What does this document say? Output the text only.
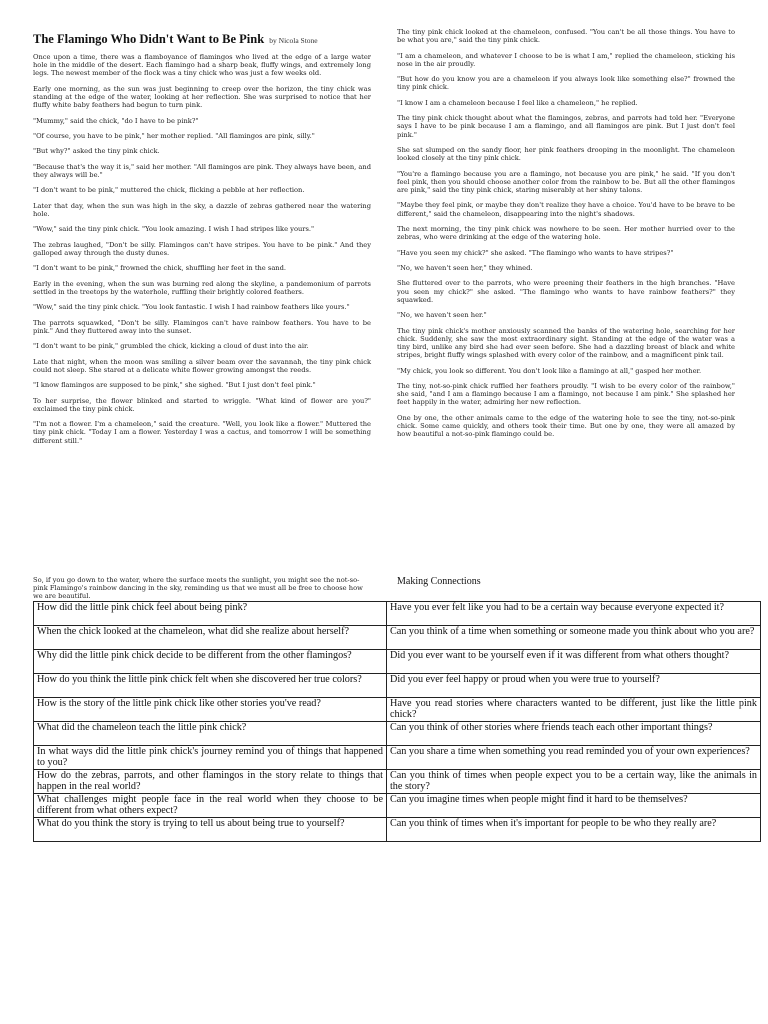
The Flamingo Who Didn't Want to Be Pink by Nicola Stone

Once upon a time, there was a flamboyance of flamingos who lived at the edge of a large water hole in the middle of the desert. Each flamingo had a sharp beak, fluffy wings, and extremely long legs. The newest member of the flock was a tiny chick who was just a few weeks old.

Early one morning, as the sun was just beginning to creep over the horizon, the tiny chick was standing at the edge of the water, looking at her reflection. She was surprised to notice that her fluffy white baby feathers had begun to turn pink.

"Mummy," said the chick, "do I have to be pink?"

"Of course, you have to be pink," her mother replied. "All flamingos are pink, silly."

"But why?" asked the tiny pink chick.

"Because that's the way it is," said her mother. "All flamingos are pink. They always have been, and they always will be."

"I don't want to be pink," muttered the chick, flicking a pebble at her reflection.

Later that day, when the sun was high in the sky, a dazzle of zebras gathered near the watering hole.

"Wow," said the tiny pink chick. "You look amazing. I wish I had stripes like yours."

The zebras laughed, "Don't be silly. Flamingos can't have stripes. You have to be pink." And they galloped away through the dusty dunes.

"I don't want to be pink," frowned the chick, shuffling her feet in the sand.

Early in the evening, when the sun was burning red along the skyline, a pandemonium of parrots settled in the treetops by the waterhole, ruffling their brightly colored feathers.

"Wow," said the tiny pink chick. "You look fantastic. I wish I had rainbow feathers like yours."

The parrots squawked, "Don't be silly. Flamingos can't have rainbow feathers. You have to be pink." And they fluttered away into the sunset.

"I don't want to be pink," grumbled the chick, kicking a cloud of dust into the air.

Late that night, when the moon was smiling a silver beam over the savannah, the tiny pink chick could not sleep. She stared at a delicate white flower growing amongst the reeds.

"I know flamingos are supposed to be pink," she sighed. "But I just don't feel pink."

To her surprise, the flower blinked and started to wriggle. "What kind of flower are you?" exclaimed the tiny pink chick.

"I'm not a flower. I'm a chameleon," said the creature. "Well, you look like a flower." Muttered the tiny pink chick. "Today I am a flower. Yesterday I was a cactus, and tomorrow I will be something different still."

The tiny pink chick looked at the chameleon, confused. "You can't be all those things. You have to be what you are," said the tiny pink chick.

"I am a chameleon, and whatever I choose to be is what I am," replied the chameleon, sticking his nose in the air proudly.

"But how do you know you are a chameleon if you always look like something else?" frowned the tiny pink chick.

"I know I am a chameleon because I feel like a chameleon," he replied.

The tiny pink chick thought about what the flamingos, zebras, and parrots had told her. "Everyone says I have to be pink because I am a flamingo, and all flamingos are pink. But I just don't feel pink."

She sat slumped on the sandy floor, her pink feathers drooping in the moonlight. The chameleon looked closely at the tiny pink chick.

"You're a flamingo because you are a flamingo, not because you are pink," he said. "If you don't feel pink, then you should choose another color from the rainbow to be. But all the other flamingos are pink," said the tiny pink chick, staring miserably at her shiny talons.

"Maybe they feel pink, or maybe they don't realize they have a choice. You'd have to be brave to be different," said the chameleon, disappearing into the night's shadows.

The next morning, the tiny pink chick was nowhere to be seen. Her mother hurried over to the zebras, who were drinking at the edge of the watering hole.

"Have you seen my chick?" she asked. "The flamingo who wants to have stripes?"

"No, we haven't seen her," they whined.

She fluttered over to the parrots, who were preening their feathers in the high branches. "Have you seen my chick?" she asked. "The flamingo who wants to have rainbow feathers?" they squawked.

"No, we haven't seen her."

The tiny pink chick's mother anxiously scanned the banks of the watering hole, searching for her chick. Suddenly, she saw the most extraordinary sight. Standing at the edge of the water was a tiny bird, unlike any bird she had ever seen before. She had a dazzling breast of black and white stripes, bright fluffy wings splashed with every color of the rainbow, and a magnificent pink tail.

"My chick, you look so different. You don't look like a flamingo at all," gasped her mother.

The tiny, not-so-pink chick ruffled her feathers proudly. "I wish to be every color of the rainbow," she said, "and I am a flamingo because I am a flamingo, not because I am pink." She splashed her feet happily in the water, admiring her new reflection.

One by one, the other animals came to the edge of the watering hole to see the tiny, not-so-pink chick. Some came quickly, and others took their time. But one by one, they were all amazed by how beautiful a not-so-pink flamingo could be.

So, if you go down to the water, where the surface meets the sunlight, you might see the not-so-pink Flamingo's rainbow dancing in the sky, reminding us that we must all be free to choose how we are beautiful.

Making Connections

How did the little pink chick feel about being pink?	Have you ever felt like you had to be a certain way because everyone expected it?
When the chick looked at the chameleon, what did she realize about herself?	Can you think of a time when something or someone made you think about who you are?
Why did the little pink chick decide to be different from the other flamingos?	Did you ever want to be yourself even if it was different from what others thought?
How do you think the little pink chick felt when she discovered her true colors?	Did you ever feel happy or proud when you were true to yourself?
How is the story of the little pink chick like other stories you've read?	Have you read stories where characters wanted to be different, just like the little pink chick?
What did the chameleon teach the little pink chick?	Can you think of other stories where friends teach each other important things?
In what ways did the little pink chick's journey remind you of things that happened to you?	Can you share a time when something you read reminded you of your own experiences?
How do the zebras, parrots, and other flamingos in the story relate to things that happen in the real world?	Can you think of times when people expect you to be a certain way, like the animals in the story?
What challenges might people face in the real world when they choose to be different from what others expect?	Can you imagine times when people might find it hard to be themselves?
What do you think the story is trying to tell us about being true to yourself?	Can you think of times when it's important for people to be who they really are?
